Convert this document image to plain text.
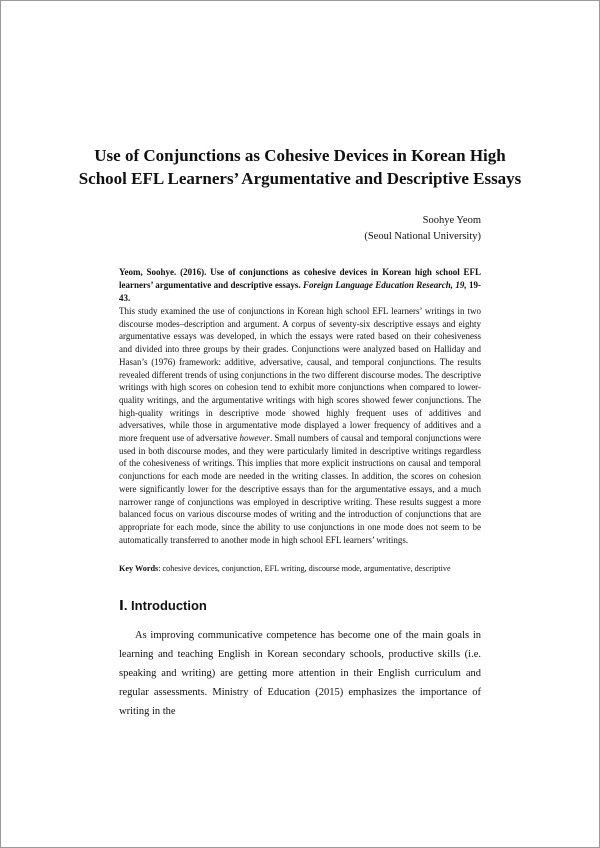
Use of Conjunctions as Cohesive Devices in Korean High
School EFL Learners’ Argumentative and Descriptive Essays
Soohye Yeom
(Seoul National University)

Yeom, Soohye. (2016). Use of conjunctions as cohesive devices in Korean high school EFL learners’ argumentative and descriptive essays. Foreign Language Education Research, 19, 19-43.

This study examined the use of conjunctions in Korean high school EFL learners’ writings in two discourse modes–description and argument. A corpus of seventy-six descriptive essays and eighty argumentative essays was developed, in which the essays were rated based on their cohesiveness and divided into three groups by their grades. Conjunctions were analyzed based on Halliday and Hasan’s (1976) framework: additive, adversative, causal, and temporal conjunctions. The results revealed different trends of using conjunctions in the two different discourse modes. The descriptive writings with high scores on cohesion tend to exhibit more conjunctions when compared to lower-quality writings, and the argumentative writings with high scores showed fewer conjunctions. The high-quality writings in descriptive mode showed highly frequent uses of additives and adversatives, while those in argumentative mode displayed a lower frequency of additives and a more frequent use of adversative however. Small numbers of causal and temporal conjunctions were used in both discourse modes, and they were particularly limited in descriptive writings regardless of the cohesiveness of writings. This implies that more explicit instructions on causal and temporal conjunctions for each mode are needed in the writing classes. In addition, the scores on cohesion were significantly lower for the descriptive essays than for the argumentative essays, and a much narrower range of conjunctions was employed in descriptive writing. These results suggest a more balanced focus on various discourse modes of writing and the introduction of conjunctions that are appropriate for each mode, since the ability to use conjunctions in one mode does not seem to be automatically transferred to another mode in high school EFL learners’ writings.

Key Words: cohesive devices, conjunction, EFL writing, discourse mode, argumentative, descriptive

Ⅰ. Introduction

As improving communicative competence has become one of the main goals in learning and teaching English in Korean secondary schools, productive skills (i.e. speaking and writing) are getting more attention in their English curriculum and regular assessments. Ministry of Education (2015) emphasizes the importance of writing in the
